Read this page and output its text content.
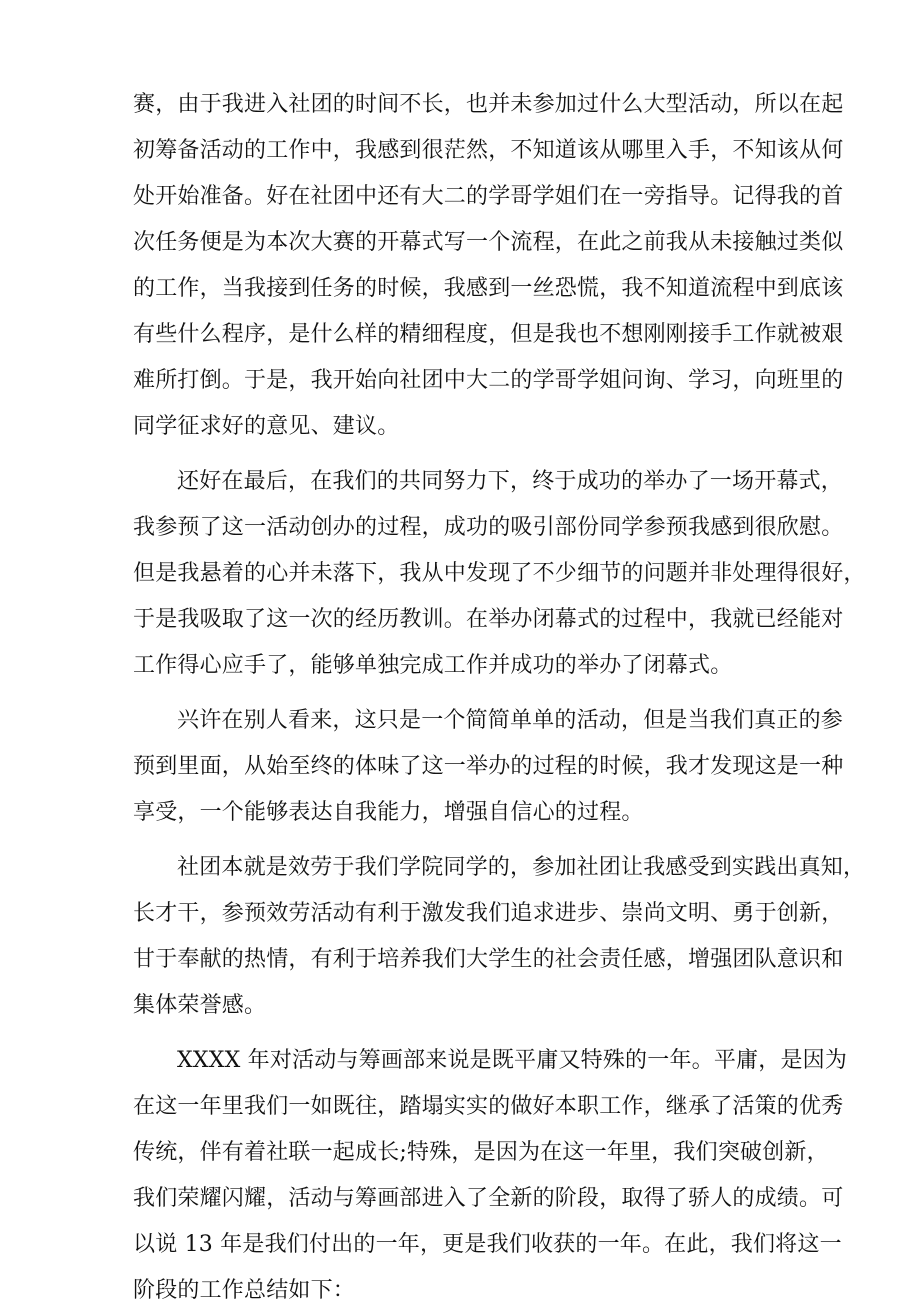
赛，由于我进入社团的时间不长，也并未参加过什么大型活动，所以在起
初筹备活动的工作中，我感到很茫然，不知道该从哪里入手，不知该从何
处开始准备。好在社团中还有大二的学哥学姐们在一旁指导。记得我的首
次任务便是为本次大赛的开幕式写一个流程，在此之前我从未接触过类似
的工作，当我接到任务的时候，我感到一丝恐慌，我不知道流程中到底该
有些什么程序，是什么样的精细程度，但是我也不想刚刚接手工作就被艰
难所打倒。于是，我开始向社团中大二的学哥学姐问询、学习，向班里的
同学征求好的意见、建议。
还好在最后，在我们的共同努力下，终于成功的举办了一场开幕式，
我参预了这一活动创办的过程，成功的吸引部份同学参预我感到很欣慰。
但是我悬着的心并未落下，我从中发现了不少细节的问题并非处理得很好，
于是我吸取了这一次的经历教训。在举办闭幕式的过程中，我就已经能对
工作得心应手了，能够单独完成工作并成功的举办了闭幕式。
兴许在别人看来，这只是一个简简单单的活动，但是当我们真正的参
预到里面，从始至终的体味了这一举办的过程的时候，我才发现这是一种
享受，一个能够表达自我能力，增强自信心的过程。
社团本就是效劳于我们学院同学的，参加社团让我感受到实践出真知，
长才干，参预效劳活动有利于激发我们追求进步、崇尚文明、勇于创新，
甘于奉献的热情，有利于培养我们大学生的社会责任感，增强团队意识和
集体荣誉感。
XXXX 年对活动与筹画部来说是既平庸又特殊的一年。平庸，是因为
在这一年里我们一如既往，踏塌实实的做好本职工作，继承了活策的优秀
传统，伴有着社联一起成长;特殊，是因为在这一年里，我们突破创新，
我们荣耀闪耀，活动与筹画部进入了全新的阶段，取得了骄人的成绩。可
以说 13 年是我们付出的一年，更是我们收获的一年。在此，我们将这一
阶段的工作总结如下：
